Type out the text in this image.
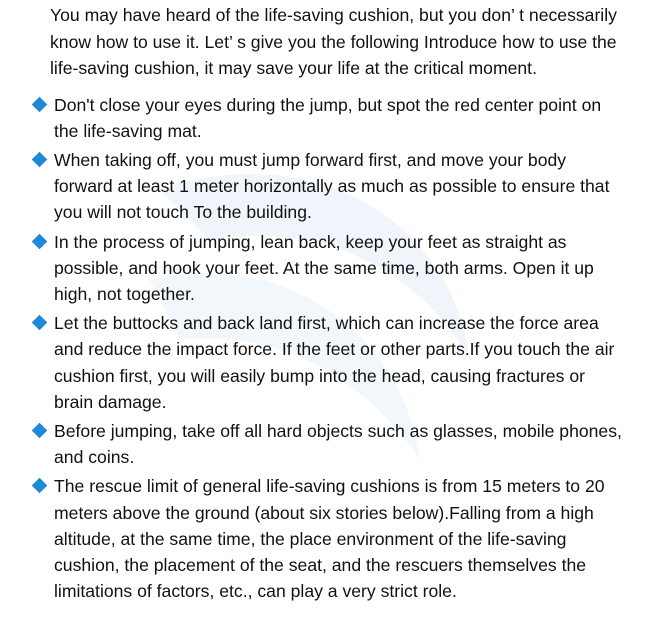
You may have heard of the life-saving cushion, but you don’ t necessarily know how to use it. Let’ s give you the following Introduce how to use the life-saving cushion, it may save your life at the critical moment.

Don't close your eyes during the jump, but spot the red center point on the life-saving mat.
When taking off, you must jump forward first, and move your body forward at least 1 meter horizontally as much as possible to ensure that you will not touch To the building.
In the process of jumping, lean back, keep your feet as straight as possible, and hook your feet. At the same time, both arms. Open it up high, not together.
Let the buttocks and back land first, which can increase the force area and reduce the impact force. If the feet or other parts.If you touch the air cushion first, you will easily bump into the head, causing fractures or brain damage.
Before jumping, take off all hard objects such as glasses, mobile phones, and coins.
The rescue limit of general life-saving cushions is from 15 meters to 20 meters above the ground (about six stories below).Falling from a high altitude, at the same time, the place environment of the life-saving cushion, the placement of the seat, and the rescuers themselves the limitations of factors, etc., can play a very strict role.
